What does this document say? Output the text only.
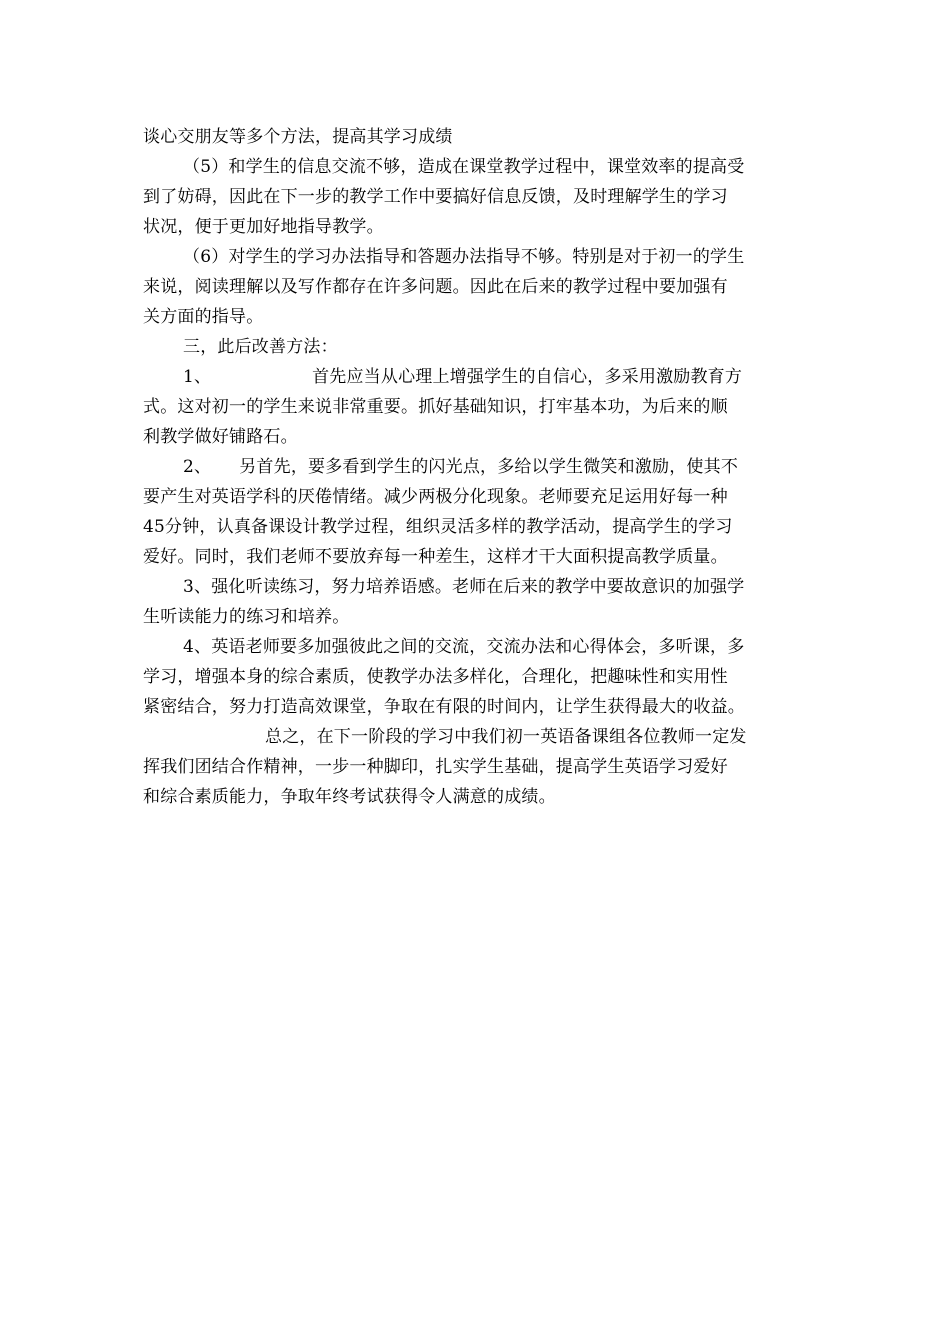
谈心交朋友等多个方法，提高其学习成绩
（5）和学生的信息交流不够，造成在课堂教学过程中，课堂效率的提高受
到了妨碍，因此在下一步的教学工作中要搞好信息反馈，及时理解学生的学习
状况，便于更加好地指导教学。
（6）对学生的学习办法指导和答题办法指导不够。特别是对于初一的学生
来说，阅读理解以及写作都存在许多问题。因此在后来的教学过程中要加强有
关方面的指导。
三，此后改善方法：
1、                  首先应当从心理上增强学生的自信心，多采用激励教育方
式。这对初一的学生来说非常重要。抓好基础知识，打牢基本功，为后来的顺
利教学做好铺路石。
2、     另首先，要多看到学生的闪光点，多给以学生微笑和激励，使其不
要产生对英语学科的厌倦情绪。减少两极分化现象。老师要充足运用好每一种
45分钟，认真备课设计教学过程，组织灵活多样的教学活动，提高学生的学习
爱好。同时，我们老师不要放弃每一种差生，这样才干大面积提高教学质量。
3、强化听读练习，努力培养语感。老师在后来的教学中要故意识的加强学
生听读能力的练习和培养。
4、英语老师要多加强彼此之间的交流，交流办法和心得体会，多听课，多
学习，增强本身的综合素质，使教学办法多样化，合理化，把趣味性和实用性
紧密结合，努力打造高效课堂，争取在有限的时间内，让学生获得最大的收益。
总之，在下一阶段的学习中我们初一英语备课组各位教师一定发
挥我们团结合作精神，一步一种脚印，扎实学生基础，提高学生英语学习爱好
和综合素质能力，争取年终考试获得令人满意的成绩。
